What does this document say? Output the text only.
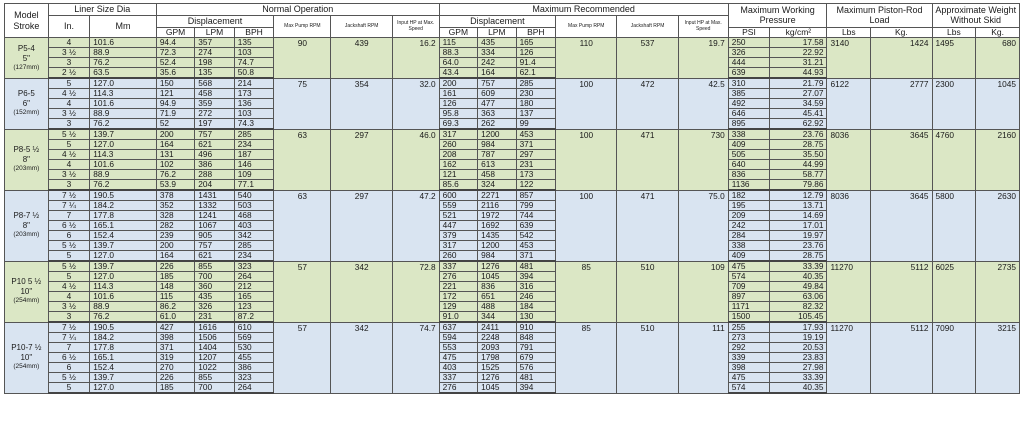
Model Stroke	Liner Size Dia		Normal Operation						Maximum Recommended						Maximum Working Pressure		Maximum Piston-Rod Load		Approximate Weight Without Skid	
	In.	Mm	Displacement			Max Pump RPM	Jackshaft RPM	Input HP at Max. Speed	Displacement			Max Pump RPM	Jackshaft RPM	Input HP at Max. Speed						
			GPM	LPM	BPH				GPM	LPM	BPH				PSI	kg/cm²	Lbs	Kg.	Lbs	Kg.

P5-4
5"
(127mm)	4	101.6	94.4	357	135	90	439	16.2	115	435	165	110	537	19.7	250	17.58	3140	1424	1495	680
	3 ½	88.9	72.3	274	103				88.3	334	126				326	22.92				
	3	76.2	52.4	198	74.7				64.0	242	91.4				444	31.21				
	2 ½	63.5	35.6	135	50.8				43.4	164	62.1				639	44.93				

P6-5
6"
(152mm)	5	127.0	150	568	214	75	354	32.0	200	757	285	100	472	42.5	310	21.79	6122	2777	2300	1045
	4 ½	114.3	121	458	173				161	609	230				385	27.07				
	4	101.6	94.9	359	136				126	477	180				492	34.59				
	3 ½	88.9	71.9	272	103				95.8	363	137				646	45.41				
	3	76.2	52	197	74.3				69.3	262	99				895	62.92				

P8-5 ½
8"
(203mm)	5 ½	139.7	200	757	285	63	297	46.0	317	1200	453	100	471	730	338	23.76	8036	3645	4760	2160
	5	127.0	164	621	234				260	984	371				409	28.75				
	4 ½	114.3	131	496	187				208	787	297				505	35.50				
	4	101.6	102	386	146				162	613	231				640	44.99				
	3 ½	88.9	76.2	288	109				121	458	173				836	58.77				
	3	76.2	53.9	204	77.1				85.6	324	122				1136	79.86				

P8-7 ½
8"
(203mm)	7 ½	190.5	378	1431	540	63	297	47.2	600	2271	857	100	471	75.0	182	12.79	8036	3645	5800	2630
	7 ¼	184.2	352	1332	503				559	2116	799				195	13.71				
	7	177.8	328	1241	468				521	1972	744				209	14.69				
	6 ½	165.1	282	1067	403				447	1692	639				242	17.01				
	6	152.4	239	905	342				379	1435	542				284	19.97				
	5 ½	139.7	200	757	285				317	1200	453				338	23.76				
	5	127.0	164	621	234				260	984	371				409	28.75				

P10 5 ½
10"
(254mm)	5 ½	139.7	226	855	323	57	342	72.8	337	1276	481	85	510	109	475	33.39	11270	5112	6025	2735
	5	127.0	185	700	264				276	1045	394				574	40.35				
	4 ½	114.3	148	360	212				221	836	316				709	49.84				
	4	101.6	115	435	165				172	651	246				897	63.06				
	3 ½	88.9	86.2	326	123				129	488	184				1171	82.32				
	3	76.2	61.0	231	87.2				91.0	344	130				1500	105.45				

P10-7 ½
10"
(254mm)	7 ½	190.5	427	1616	610	57	342	74.7	637	2411	910	85	510	111	255	17.93	11270	5112	7090	3215
	7 ¼	184.2	398	1506	569				594	2248	848				273	19.19				
	7	177.8	371	1404	530				553	2093	791				292	20.53				
	6 ½	165.1	319	1207	455				475	1798	679				339	23.83				
	6	152.4	270	1022	386				403	1525	576				398	27.98				
	5 ½	139.7	226	855	323				337	1276	481				475	33.39				
	5	127.0	185	700	264				276	1045	394				574	40.35				
